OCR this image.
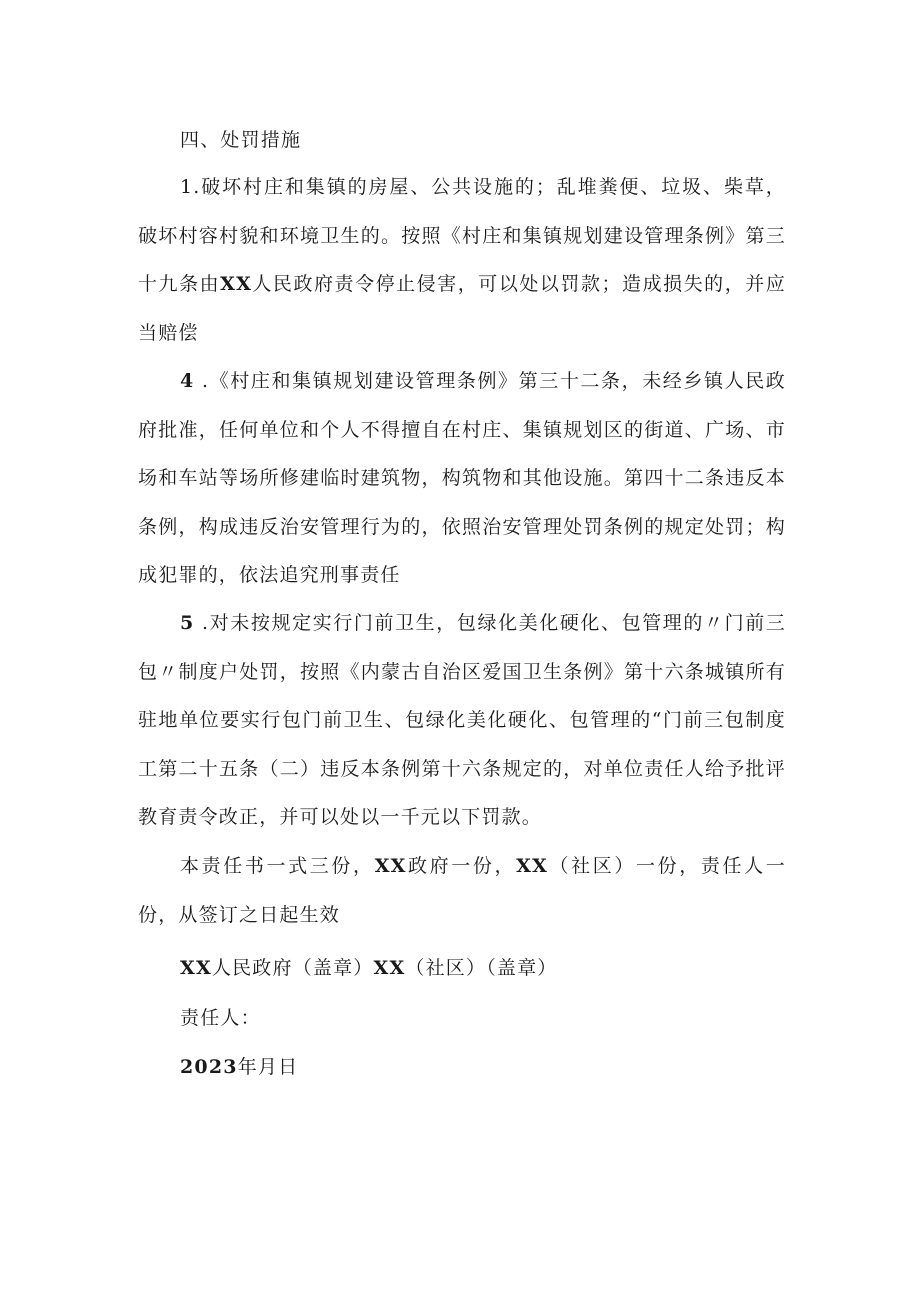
四、处罚措施

1.破坏村庄和集镇的房屋、公共设施的；乱堆粪便、垃圾、柴草，破坏村容村貌和环境卫生的。按照《村庄和集镇规划建设管理条例》第三十九条由XX人民政府责令停止侵害，可以处以罚款；造成损失的，并应当赔偿

4 .《村庄和集镇规划建设管理条例》第三十二条，未经乡镇人民政府批准，任何单位和个人不得擅自在村庄、集镇规划区的街道、广场、市场和车站等场所修建临时建筑物，构筑物和其他设施。第四十二条违反本条例，构成违反治安管理行为的，依照治安管理处罚条例的规定处罚；构成犯罪的，依法追究刑事责任

5 .对未按规定实行门前卫生，包绿化美化硬化、包管理的〃门前三包〃制度户处罚，按照《内蒙古自治区爱国卫生条例》第十六条城镇所有驻地单位要实行包门前卫生、包绿化美化硬化、包管理的“门前三包制度工第二十五条（二）违反本条例第十六条规定的，对单位责任人给予批评教育责令改正，并可以处以一千元以下罚款。

本责任书一式三份，XX政府一份，XX（社区）一份，责任人一份，从签订之日起生效

XX人民政府（盖章）XX（社区）（盖章）

责任人：

2023年月日
